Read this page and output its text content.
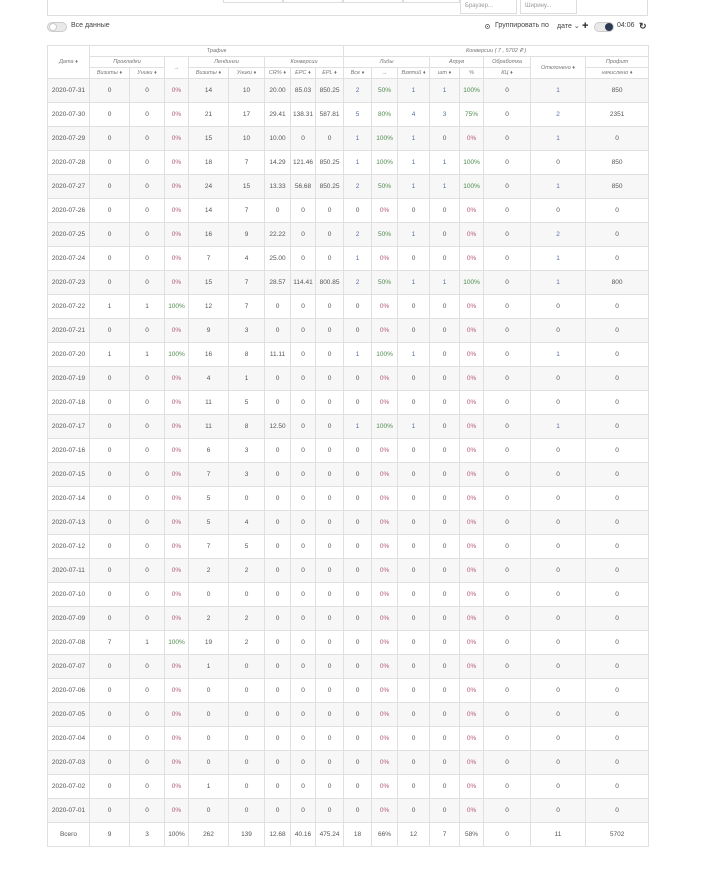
Браузер...
Ширину...
Все данные	Группировать по дате ⌄ +	04:06 ↻
Дата ♦	Трафик								Конверсии ( 7 , 5702 ₽ )							
	Прокладки		→	Лендинги		Конверсии			Лиды			Апрув		Обработка	Отклонено ♦	Профит
	Визиты ♦	Уники ♦		Визиты ♦	Уники ♦	CR% ♦	EPC ♦	EPL ♦	Все ♦	→	Взятий ♦	шт ♦	%	КЦ ♦		начислено ♦
2020-07-31	0	0	0%	14	10	20.00	85.03	850.25	2	50%	1	1	100%	0	1	850
2020-07-30	0	0	0%	21	17	29.41	138.31	587.81	5	80%	4	3	75%	0	2	2351
2020-07-29	0	0	0%	15	10	10.00	0	0	1	100%	1	0	0%	0	1	0
2020-07-28	0	0	0%	18	7	14.29	121.46	850.25	1	100%	1	1	100%	0	0	850
2020-07-27	0	0	0%	24	15	13.33	56.68	850.25	2	50%	1	1	100%	0	1	850
2020-07-26	0	0	0%	14	7	0	0	0	0	0%	0	0	0%	0	0	0
2020-07-25	0	0	0%	16	9	22.22	0	0	2	50%	1	0	0%	0	2	0
2020-07-24	0	0	0%	7	4	25.00	0	0	1	0%	0	0	0%	0	1	0
2020-07-23	0	0	0%	15	7	28.57	114.41	800.85	2	50%	1	1	100%	0	1	800
2020-07-22	1	1	100%	12	7	0	0	0	0	0%	0	0	0%	0	0	0
2020-07-21	0	0	0%	9	3	0	0	0	0	0%	0	0	0%	0	0	0
2020-07-20	1	1	100%	16	8	11.11	0	0	1	100%	1	0	0%	0	1	0
2020-07-19	0	0	0%	4	1	0	0	0	0	0%	0	0	0%	0	0	0
2020-07-18	0	0	0%	11	5	0	0	0	0	0%	0	0	0%	0	0	0
2020-07-17	0	0	0%	11	8	12.50	0	0	1	100%	1	0	0%	0	1	0
2020-07-16	0	0	0%	6	3	0	0	0	0	0%	0	0	0%	0	0	0
2020-07-15	0	0	0%	7	3	0	0	0	0	0%	0	0	0%	0	0	0
2020-07-14	0	0	0%	5	0	0	0	0	0	0%	0	0	0%	0	0	0
2020-07-13	0	0	0%	5	4	0	0	0	0	0%	0	0	0%	0	0	0
2020-07-12	0	0	0%	7	5	0	0	0	0	0%	0	0	0%	0	0	0
2020-07-11	0	0	0%	2	2	0	0	0	0	0%	0	0	0%	0	0	0
2020-07-10	0	0	0%	0	0	0	0	0	0	0%	0	0	0%	0	0	0
2020-07-09	0	0	0%	2	2	0	0	0	0	0%	0	0	0%	0	0	0
2020-07-08	7	1	100%	19	2	0	0	0	0	0%	0	0	0%	0	0	0
2020-07-07	0	0	0%	1	0	0	0	0	0	0%	0	0	0%	0	0	0
2020-07-06	0	0	0%	0	0	0	0	0	0	0%	0	0	0%	0	0	0
2020-07-05	0	0	0%	0	0	0	0	0	0	0%	0	0	0%	0	0	0
2020-07-04	0	0	0%	0	0	0	0	0	0	0%	0	0	0%	0	0	0
2020-07-03	0	0	0%	0	0	0	0	0	0	0%	0	0	0%	0	0	0
2020-07-02	0	0	0%	1	0	0	0	0	0	0%	0	0	0%	0	0	0
2020-07-01	0	0	0%	0	0	0	0	0	0	0%	0	0	0%	0	0	0
Всего	9	3	100%	262	139	12.68	40.16	475.24	18	66%	12	7	58%	0	11	5702
